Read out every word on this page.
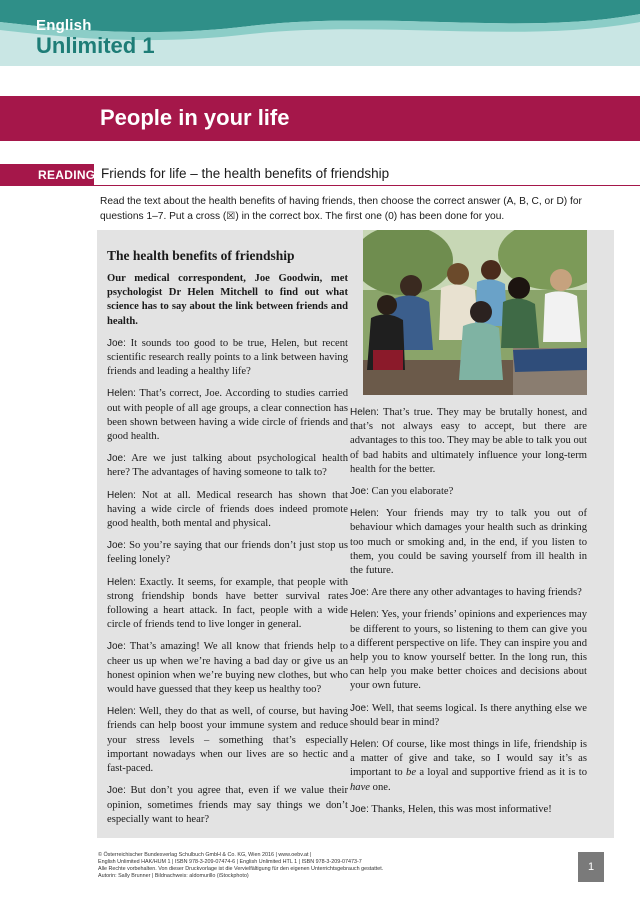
English
Unlimited 1
People in your life
READING Friends for life – the health benefits of friendship
Read the text about the health benefits of having friends, then choose the correct answer (A, B, C, or D) for questions 1–7. Put a cross (☒) in the correct box. The first one (0) has been done for you.
The health benefits of friendship

Our medical correspondent, Joe Goodwin, met psychologist Dr Helen Mitchell to find out what science has to say about the link between friends and health.

Joe: It sounds too good to be true, Helen, but recent scientific research really points to a link between having friends and leading a healthy life?

Helen: That’s correct, Joe. According to studies carried out with people of all age groups, a clear connection has been shown between having a wide circle of friends and good health.

Joe: Are we just talking about psychological health here? The advantages of having someone to talk to?

Helen: Not at all. Medical research has shown that having a wide circle of friends does indeed promote good health, both mental and physical.

Joe: So you’re saying that our friends don’t just stop us feeling lonely?

Helen: Exactly. It seems, for example, that people with strong friendship bonds have better survival rates following a heart attack. In fact, people with a wide circle of friends tend to live longer in general.

Joe: That’s amazing! We all know that friends help to cheer us up when we’re having a bad day or give us an honest opinion when we’re buying new clothes, but who would have guessed that they keep us healthy too?

Helen: Well, they do that as well, of course, but having friends can help boost your immune system and reduce your stress levels – something that’s especially important nowadays when our lives are so hectic and fast-paced.

Joe: But don’t you agree that, even if we value their opinion, sometimes friends may say things we don’t especially want to hear?

Helen: That’s true. They may be brutally honest, and that’s not always easy to accept, but there are advantages to this too. They may be able to talk you out of bad habits and ultimately influence your long-term health for the better.

Joe: Can you elaborate?

Helen: Your friends may try to talk you out of behaviour which damages your health such as drinking too much or smoking and, in the end, if you listen to them, you could be saving yourself from ill health in the future.

Joe: Are there any other advantages to having friends?

Helen: Yes, your friends’ opinions and experiences may be different to yours, so listening to them can give you a different perspective on life. They can inspire you and help you to know yourself better. In the long run, this can help you make better choices and decisions about your own future.

Joe: Well, that seems logical. Is there anything else we should bear in mind?

Helen: Of course, like most things in life, friendship is a matter of give and take, so I would say it’s as important to be a loyal and supportive friend as it is to have one.

Joe: Thanks, Helen, this was most informative!

© Österreichischer Bundesverlag Schulbuch GmbH & Co. KG, Wien 2016 | www.oebv.at |
English Unlimited HAK/HUM 1 | ISBN 978-3-209-07474-6 | English Unlimited HTL 1 | ISBN 978-3-209-07473-7
Alle Rechte vorbehalten. Von dieser Druckvorlage ist die Vervielfältigung für den eigenen Unterrichtsgebrauch gestattet.
Autorin: Sally Brunner | Bildnachweis: aldomurillo (iStockphoto)
1
